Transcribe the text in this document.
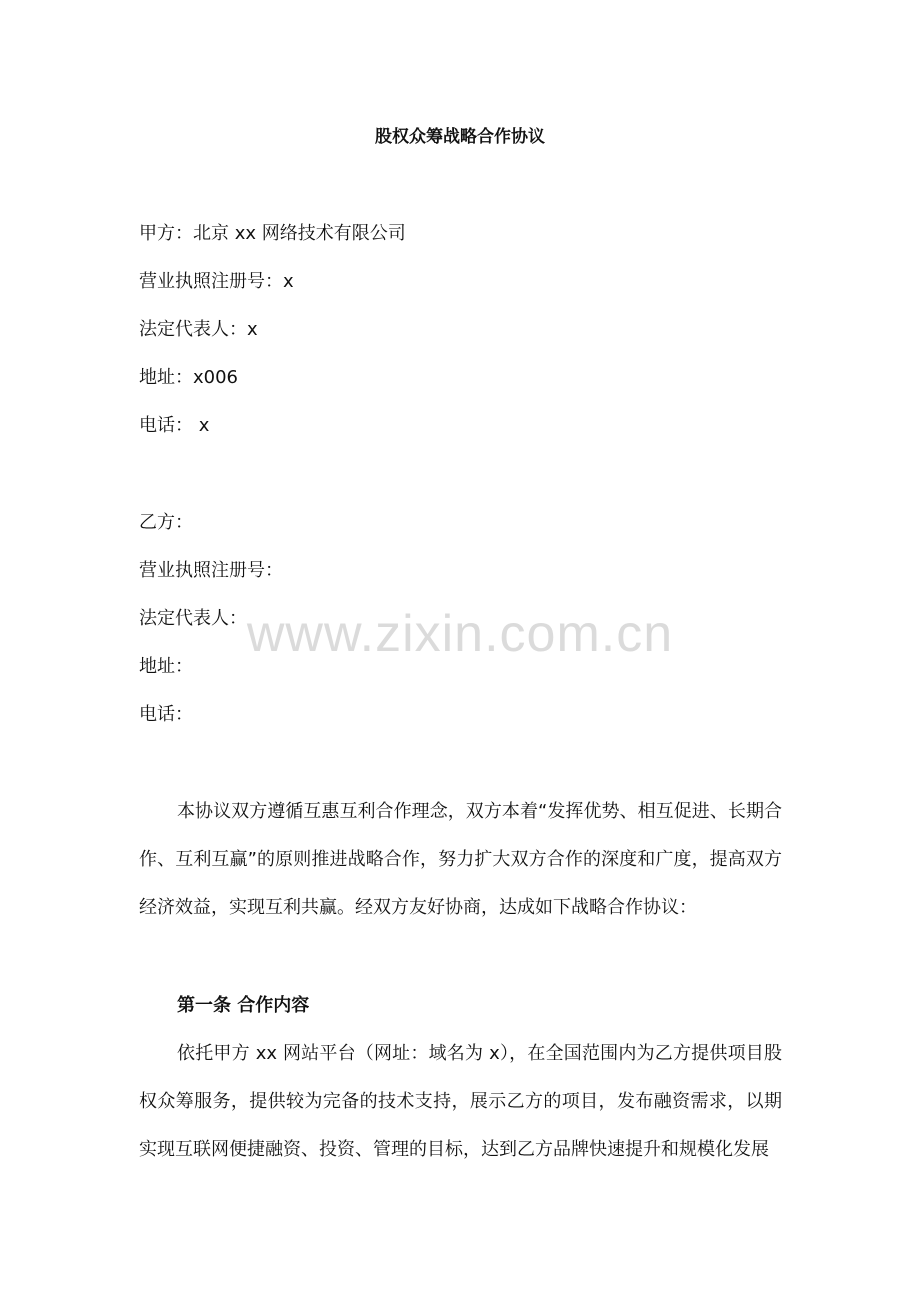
股权众筹战略合作协议
甲方：北京 xx 网络技术有限公司
营业执照注册号：x
法定代表人：x
地址：x006
电话： x
乙方：
营业执照注册号：
法定代表人：
地址：
电话：
本协议双方遵循互惠互利合作理念，双方本着“发挥优势、相互促进、长期合作、互利互赢”的原则推进战略合作，努力扩大双方合作的深度和广度，提高双方经济效益，实现互利共赢。经双方友好协商，达成如下战略合作协议：
第一条 合作内容
依托甲方 xx 网站平台（网址：域名为 x），在全国范围内为乙方提供项目股权众筹服务，提供较为完备的技术支持，展示乙方的项目，发布融资需求，以期实现互联网便捷融资、投资、管理的目标，达到乙方品牌快速提升和规模化发展
www.zixin.com.cn
